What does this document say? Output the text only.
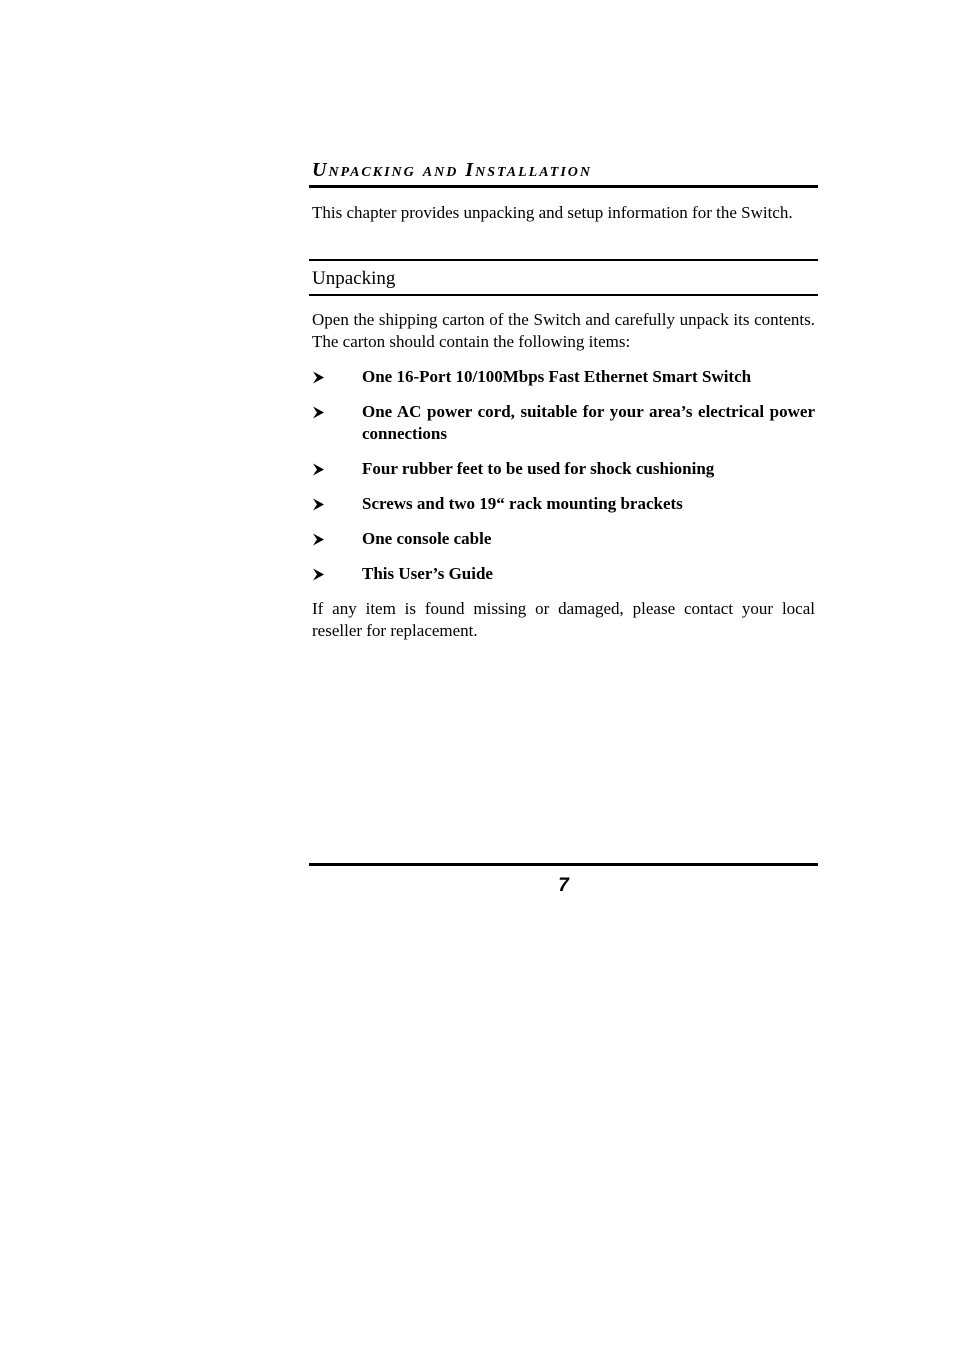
Unpacking and Installation

This chapter provides unpacking and setup information for the Switch.

Unpacking

Open the shipping carton of the Switch and carefully unpack its contents. The carton should contain the following items:

One 16-Port 10/100Mbps Fast Ethernet Smart Switch
One AC power cord, suitable for your area’s electrical power connections
Four rubber feet to be used for shock cushioning
Screws and two 19“ rack mounting brackets
One console cable
This User’s Guide

If any item is found missing or damaged, please contact your local reseller for replacement.

7
